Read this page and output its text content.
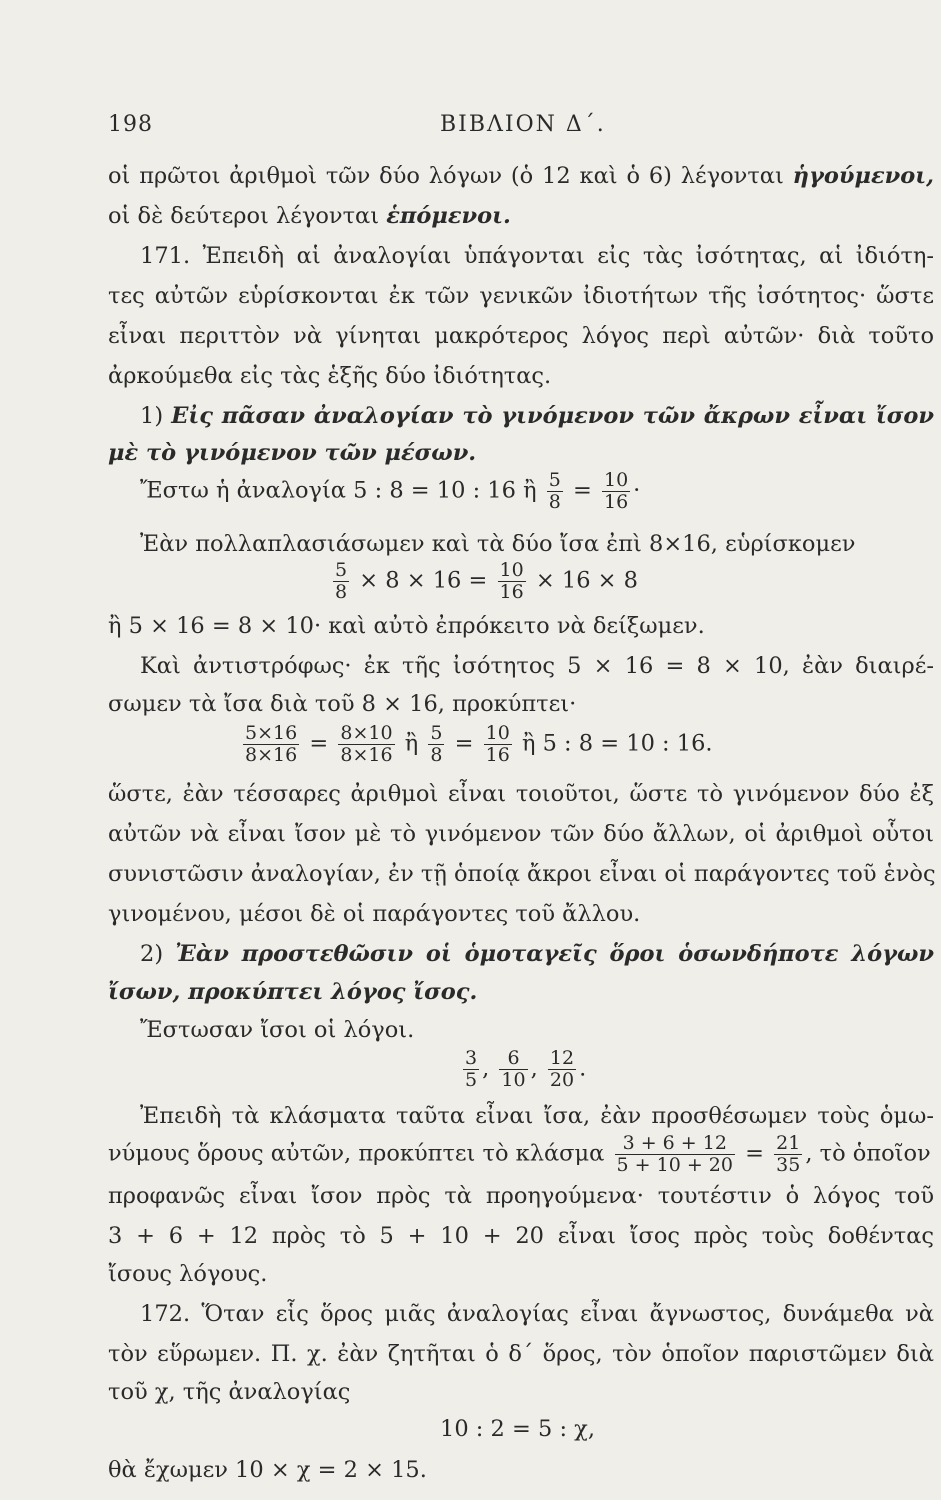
198	ΒΙΒΛΙΟΝ Δ΄.
οἱ πρῶτοι ἀριθμοὶ τῶν δύο λόγων (ὁ 12 καὶ ὁ 6) λέγονται ἡγούμενοι,
οἱ δὲ δεύτεροι λέγονται ἑπόμενοι.
171. Ἐπειδὴ αἱ ἀναλογίαι ὑπάγονται εἰς τὰς ἰσότητας, αἱ ἰδιότη-
τες αὐτῶν εὑρίσκονται ἐκ τῶν γενικῶν ἰδιοτήτων τῆς ἰσότητος· ὥστε
εἶναι περιττὸν νὰ γίνηται μακρότερος λόγος περὶ αὐτῶν· διὰ τοῦτο
ἀρκούμεθα εἰς τὰς ἑξῆς δύο ἰδιότητας.
1) Εἰς πᾶσαν ἀναλογίαν τὸ γινόμενον τῶν ἄκρων εἶναι ἴσον
μὲ τὸ γινόμενον τῶν μέσων.
Ἔστω ἡ ἀναλογία 5 : 8 = 10 : 16 ἢ $\frac{5}{8} = \frac{10}{16}$ ·
Ἐὰν πολλαπλασιάσωμεν καὶ τὰ δύο ἴσα ἐπὶ 8×16, εὑρίσκομεν
$\frac{5}{8} \times 8 \times 16 = \frac{10}{16} \times 16 \times 8$
ἢ 5 × 16 = 8 × 10· καὶ αὐτὸ ἐπρόκειτο νὰ δείξωμεν.
Καὶ ἀντιστρόφως· ἐκ τῆς ἰσότητος 5 × 16 = 8 × 10, ἐὰν διαιρέ-
σωμεν τὰ ἴσα διὰ τοῦ 8 × 16, προκύπτει·
$\frac{5\times 16}{8\times 16} = \frac{8\times 10}{8\times 16}$ ἢ $\frac{5}{8} = \frac{10}{16}$ ἢ 5 : 8 = 10 : 16.
ὥστε, ἐὰν τέσσαρες ἀριθμοὶ εἶναι τοιοῦτοι, ὥστε τὸ γινόμενον δύο ἐξ
αὐτῶν νὰ εἶναι ἴσον μὲ τὸ γινόμενον τῶν δύο ἄλλων, οἱ ἀριθμοὶ οὗτοι
συνιστῶσιν ἀναλογίαν, ἐν τῇ ὁποίᾳ ἄκροι εἶναι οἱ παράγοντες τοῦ ἑνὸς
γινομένου, μέσοι δὲ οἱ παράγοντες τοῦ ἄλλου.
2) Ἐὰν προστεθῶσιν οἱ ὁμοταγεῖς ὅροι ὁσωνδήποτε λόγων
ἴσων, προκύπτει λόγος ἴσος.
Ἔστωσαν ἴσοι οἱ λόγοι.
$\frac{3}{5}$ , $\frac{6}{10}$ , $\frac{12}{20}$ .
Ἐπειδὴ τὰ κλάσματα ταῦτα εἶναι ἴσα, ἐὰν προσθέσωμεν τοὺς ὁμω-
νύμους ὅρους αὐτῶν, προκύπτει τὸ κλάσμα $\frac{3 + 6 + 12}{5 + 10 + 20} = \frac{21}{35}$ , τὸ ὁποῖον
προφανῶς εἶναι ἴσον πρὸς τὰ προηγούμενα· τουτέστιν ὁ λόγος τοῦ
3 + 6 + 12 πρὸς τὸ 5 + 10 + 20 εἶναι ἴσος πρὸς τοὺς δοθέντας
ἴσους λόγους.
172. Ὅταν εἷς ὅρος μιᾶς ἀναλογίας εἶναι ἄγνωστος, δυνάμεθα νὰ
τὸν εὕρωμεν. Π. χ. ἐὰν ζητῆται ὁ δ΄ ὅρος, τὸν ὁποῖον παριστῶμεν διὰ
τοῦ χ, τῆς ἀναλογίας
10 : 2 = 5 : χ,
θὰ ἔχωμεν 10 × χ = 2 × 15.
